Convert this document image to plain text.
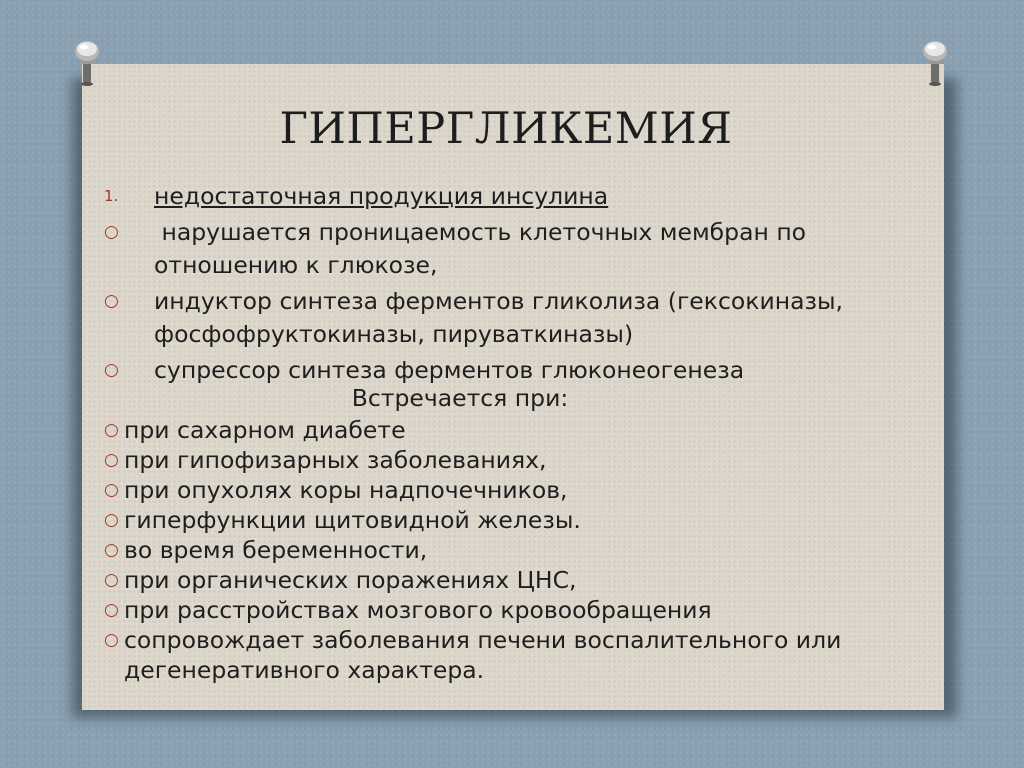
ГИПЕРГЛИКЕМИЯ
1.	недостаточная продукция инсулина
○	нарушается проницаемость клеточных мембран по отношению к глюкозе,
○	индуктор синтеза ферментов гликолиза (гексокиназы, фосфофруктокиназы, пируваткиназы)
○	супрессор синтеза ферментов глюконеогенеза
Встречается при:
○ при сахарном диабете
○ при гипофизарных заболеваниях,
○ при опухолях коры надпочечников,
○ гиперфункции щитовидной железы.
○ во время беременности,
○ при органических поражениях ЦНС,
○ при расстройствах мозгового кровообращения
○ сопровождает заболевания печени воспалительного или дегенеративного характера.
